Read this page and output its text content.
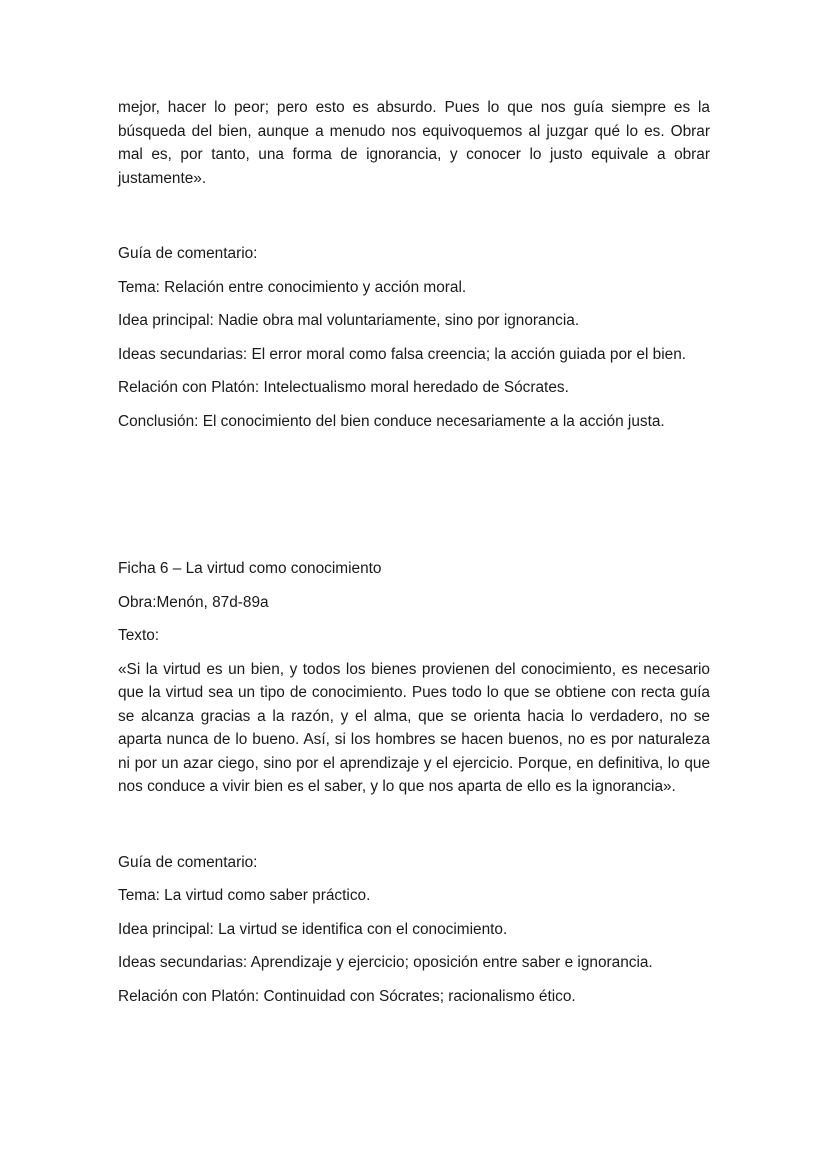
mejor, hacer lo peor; pero esto es absurdo. Pues lo que nos guía siempre es la búsqueda del bien, aunque a menudo nos equivoquemos al juzgar qué lo es. Obrar mal es, por tanto, una forma de ignorancia, y conocer lo justo equivale a obrar justamente».

Guía de comentario:

Tema: Relación entre conocimiento y acción moral.

Idea principal: Nadie obra mal voluntariamente, sino por ignorancia.

Ideas secundarias: El error moral como falsa creencia; la acción guiada por el bien.

Relación con Platón: Intelectualismo moral heredado de Sócrates.

Conclusión: El conocimiento del bien conduce necesariamente a la acción justa.

Ficha 6 – La virtud como conocimiento

Obra:Menón, 87d-89a

Texto:

«Si la virtud es un bien, y todos los bienes provienen del conocimiento, es necesario que la virtud sea un tipo de conocimiento. Pues todo lo que se obtiene con recta guía se alcanza gracias a la razón, y el alma, que se orienta hacia lo verdadero, no se aparta nunca de lo bueno. Así, si los hombres se hacen buenos, no es por naturaleza ni por un azar ciego, sino por el aprendizaje y el ejercicio. Porque, en definitiva, lo que nos conduce a vivir bien es el saber, y lo que nos aparta de ello es la ignorancia».

Guía de comentario:

Tema: La virtud como saber práctico.

Idea principal: La virtud se identifica con el conocimiento.

Ideas secundarias: Aprendizaje y ejercicio; oposición entre saber e ignorancia.

Relación con Platón: Continuidad con Sócrates; racionalismo ético.
